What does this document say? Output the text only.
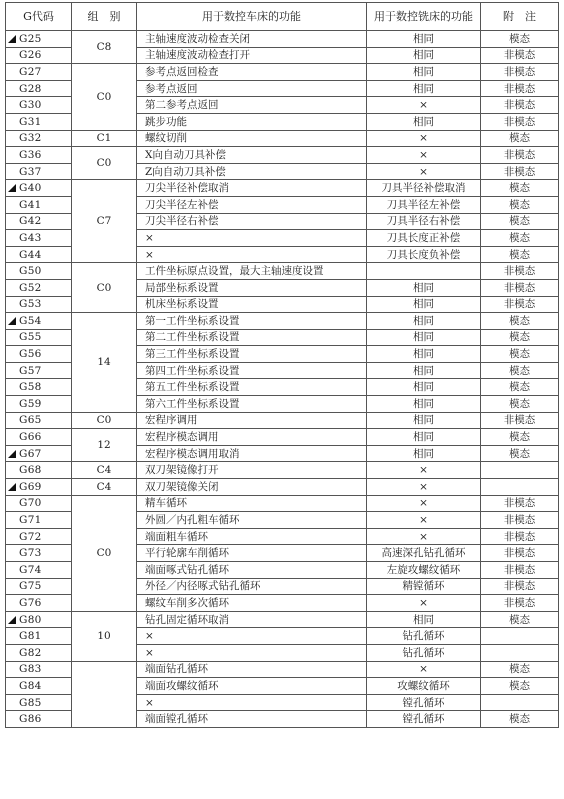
G代码	组　别	用于数控车床的功能	用于数控铣床的功能	附　注
G25	C8	主轴速度波动检查关闭	相同	模态
G26		主轴速度波动检查打开	相同	非模态
G27	C0	参考点返回检查	相同	非模态
G28		参考点返回	相同	非模态
G30		第二参考点返回	×	非模态
G31		跳步功能	相同	非模态
G32	C1	螺纹切削	×	模态
G36	C0	X向自动刀具补偿	×	非模态
G37		Z向自动刀具补偿	×	非模态
G40	C7	刀尖半径补偿取消	刀具半径补偿取消	模态
G41		刀尖半径左补偿	刀具半径左补偿	模态
G42		刀尖半径右补偿	刀具半径右补偿	模态
G43		×	刀具长度正补偿	模态
G44		×	刀具长度负补偿	模态
G50	C0	工件坐标原点设置，最大主轴速度设置		非模态
G52		局部坐标系设置	相同	非模态
G53		机床坐标系设置	相同	非模态
G54	14	第一工件坐标系设置	相同	模态
G55		第二工件坐标系设置	相同	模态
G56		第三工件坐标系设置	相同	模态
G57		第四工件坐标系设置	相同	模态
G58		第五工件坐标系设置	相同	模态
G59		第六工件坐标系设置	相同	模态
G65	C0	宏程序调用	相同	非模态
G66	12	宏程序模态调用	相同	模态
G67		宏程序模态调用取消	相同	模态
G68	C4	双刀架镜像打开	×	
G69	C4	双刀架镜像关闭	×	
G70	C0	精车循环	×	非模态
G71		外圆／内孔粗车循环	×	非模态
G72		端面粗车循环	×	非模态
G73		平行轮廓车削循环	高速深孔钻孔循环	非模态
G74		端面啄式钻孔循环	左旋攻螺纹循环	非模态
G75		外径／内径啄式钻孔循环	精镗循环	非模态
G76		螺纹车削多次循环	×	非模态
G80	10	钻孔固定循环取消	相同	模态
G81		×	钻孔循环	
G82		×	钻孔循环	
G83		端面钻孔循环	×	模态
G84		端面攻螺纹循环	攻螺纹循环	模态
G85		×	镗孔循环	
G86		端面镗孔循环	镗孔循环	模态
